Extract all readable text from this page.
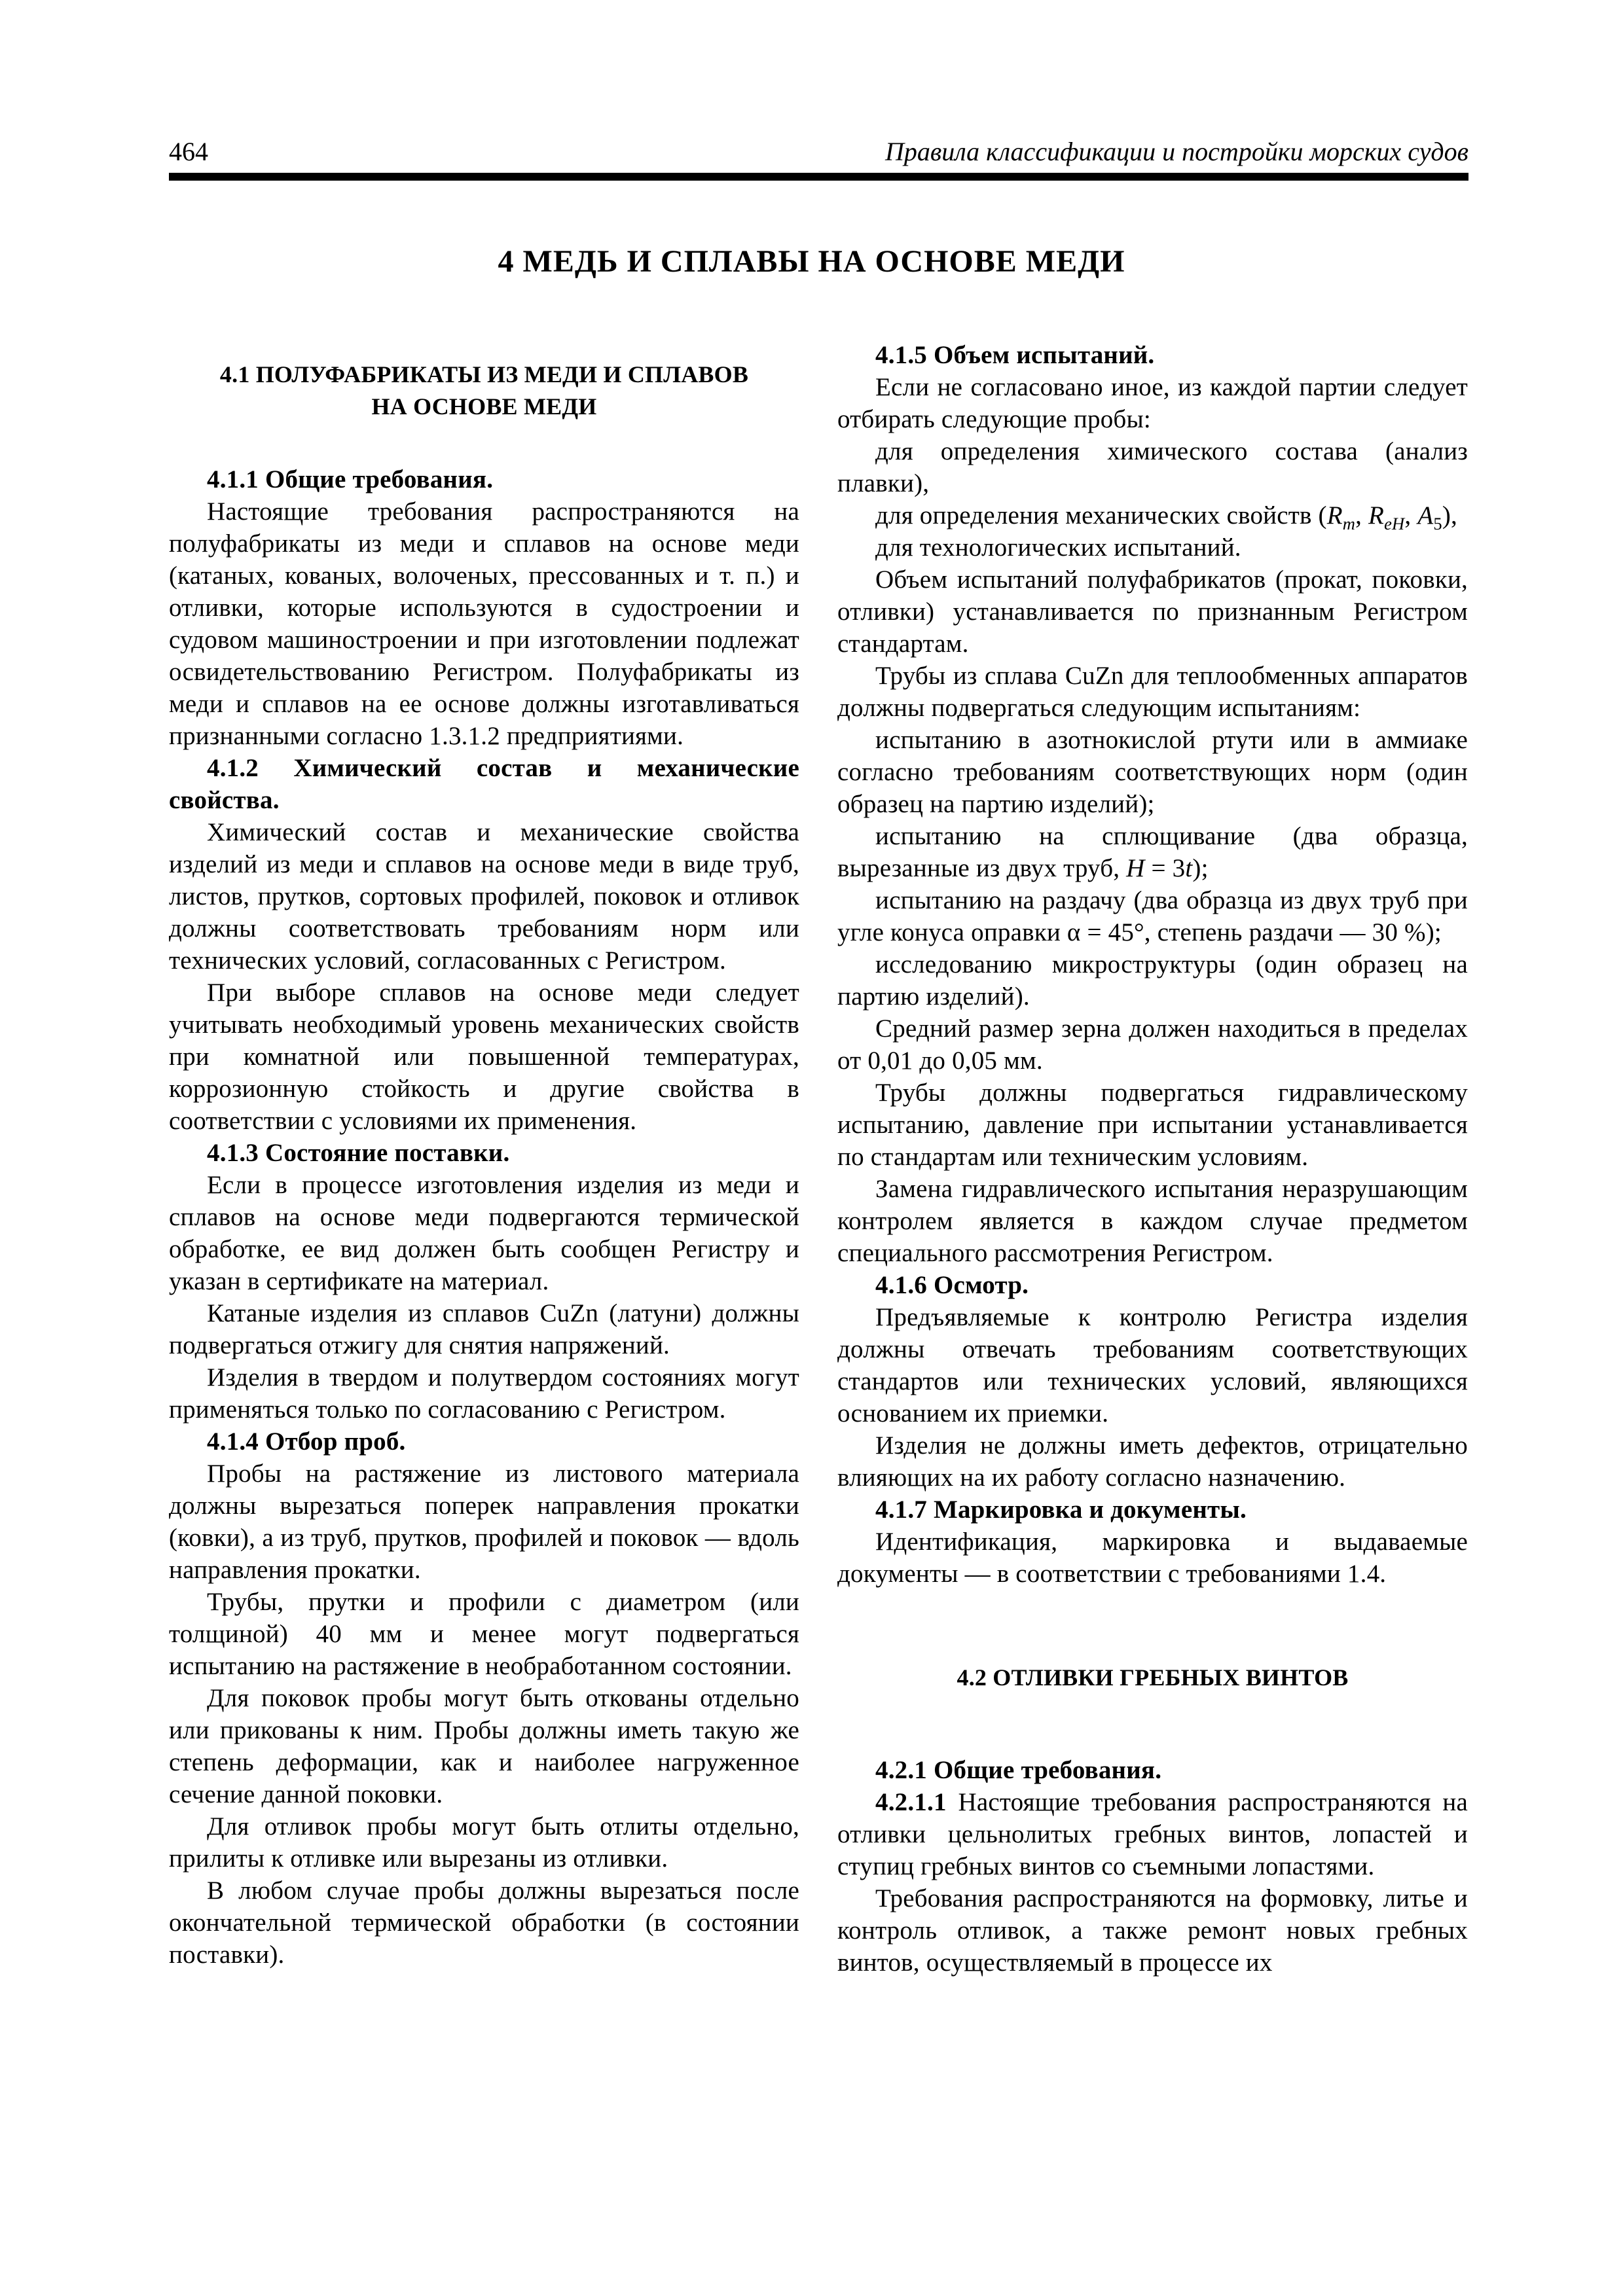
464	Правила классификации и постройки морских судов
4 МЕДЬ И СПЛАВЫ НА ОСНОВЕ МЕДИ
4.1 ПОЛУФАБРИКАТЫ ИЗ МЕДИ И СПЛАВОВ
НА ОСНОВЕ МЕДИ

4.1.1 Общие требования.

Настоящие требования распространяются на полуфабрикаты из меди и сплавов на основе меди (катаных, кованых, волоченых, прессованных и т. п.) и отливки, которые используются в судостроении и судовом машиностроении и при изготовлении подлежат освидетельствованию Регистром. Полуфабрикаты из меди и сплавов на ее основе должны изготавливаться признанными согласно 1.3.1.2 предприятиями.

4.1.2 Химический состав и механические свойства.

Химический состав и механические свойства изделий из меди и сплавов на основе меди в виде труб, листов, прутков, сортовых профилей, поковок и отливок должны соответствовать требованиям норм или технических условий, согласованных с Регистром.

При выборе сплавов на основе меди следует учитывать необходимый уровень механических свойств при комнатной или повышенной температурах, коррозионную стойкость и другие свойства в соответствии с условиями их применения.

4.1.3 Состояние поставки.

Если в процессе изготовления изделия из меди и сплавов на основе меди подвергаются термической обработке, ее вид должен быть сообщен Регистру и указан в сертификате на материал.

Катаные изделия из сплавов CuZn (латуни) должны подвергаться отжигу для снятия напряжений.

Изделия в твердом и полутвердом состояниях могут применяться только по согласованию с Регистром.

4.1.4 Отбор проб.

Пробы на растяжение из листового материала должны вырезаться поперек направления прокатки (ковки), а из труб, прутков, профилей и поковок — вдоль направления прокатки.

Трубы, прутки и профили с диаметром (или толщиной) 40 мм и менее могут подвергаться испытанию на растяжение в необработанном состоянии.

Для поковок пробы могут быть откованы отдельно или прикованы к ним. Пробы должны иметь такую же степень деформации, как и наиболее нагруженное сечение данной поковки.

Для отливок пробы могут быть отлиты отдельно, прилиты к отливке или вырезаны из отливки.

В любом случае пробы должны вырезаться после окончательной термической обработки (в состоянии поставки).

4.1.5 Объем испытаний.

Если не согласовано иное, из каждой партии следует отбирать следующие пробы:

для определения химического состава (анализ плавки),

для определения механических свойств ($R_m$, $R_{eH}$, $A_5$),

для технологических испытаний.

Объем испытаний полуфабрикатов (прокат, поковки, отливки) устанавливается по признанным Регистром стандартам.

Трубы из сплава CuZn для теплообменных аппаратов должны подвергаться следующим испытаниям:

испытанию в азотнокислой ртути или в аммиаке согласно требованиям соответствующих норм (один образец на партию изделий);

испытанию на сплющивание (два образца, вырезанные из двух труб, H = 3t);

испытанию на раздачу (два образца из двух труб при угле конуса оправки α = 45°, степень раздачи — 30 %);

исследованию микроструктуры (один образец на партию изделий).

Средний размер зерна должен находиться в пределах от 0,01 до 0,05 мм.

Трубы должны подвергаться гидравлическому испытанию, давление при испытании устанавливается по стандартам или техническим условиям.

Замена гидравлического испытания неразрушающим контролем является в каждом случае предметом специального рассмотрения Регистром.

4.1.6 Осмотр.

Предъявляемые к контролю Регистра изделия должны отвечать требованиям соответствующих стандартов или технических условий, являющихся основанием их приемки.

Изделия не должны иметь дефектов, отрицательно влияющих на их работу согласно назначению.

4.1.7 Маркировка и документы.

Идентификация, маркировка и выдаваемые документы — в соответствии с требованиями 1.4.

4.2 ОТЛИВКИ ГРЕБНЫХ ВИНТОВ

4.2.1 Общие требования.

4.2.1.1 Настоящие требования распространяются на отливки цельнолитых гребных винтов, лопастей и ступиц гребных винтов со съемными лопастями.

Требования распространяются на формовку, литье и контроль отливок, а также ремонт новых гребных винтов, осуществляемый в процессе их
